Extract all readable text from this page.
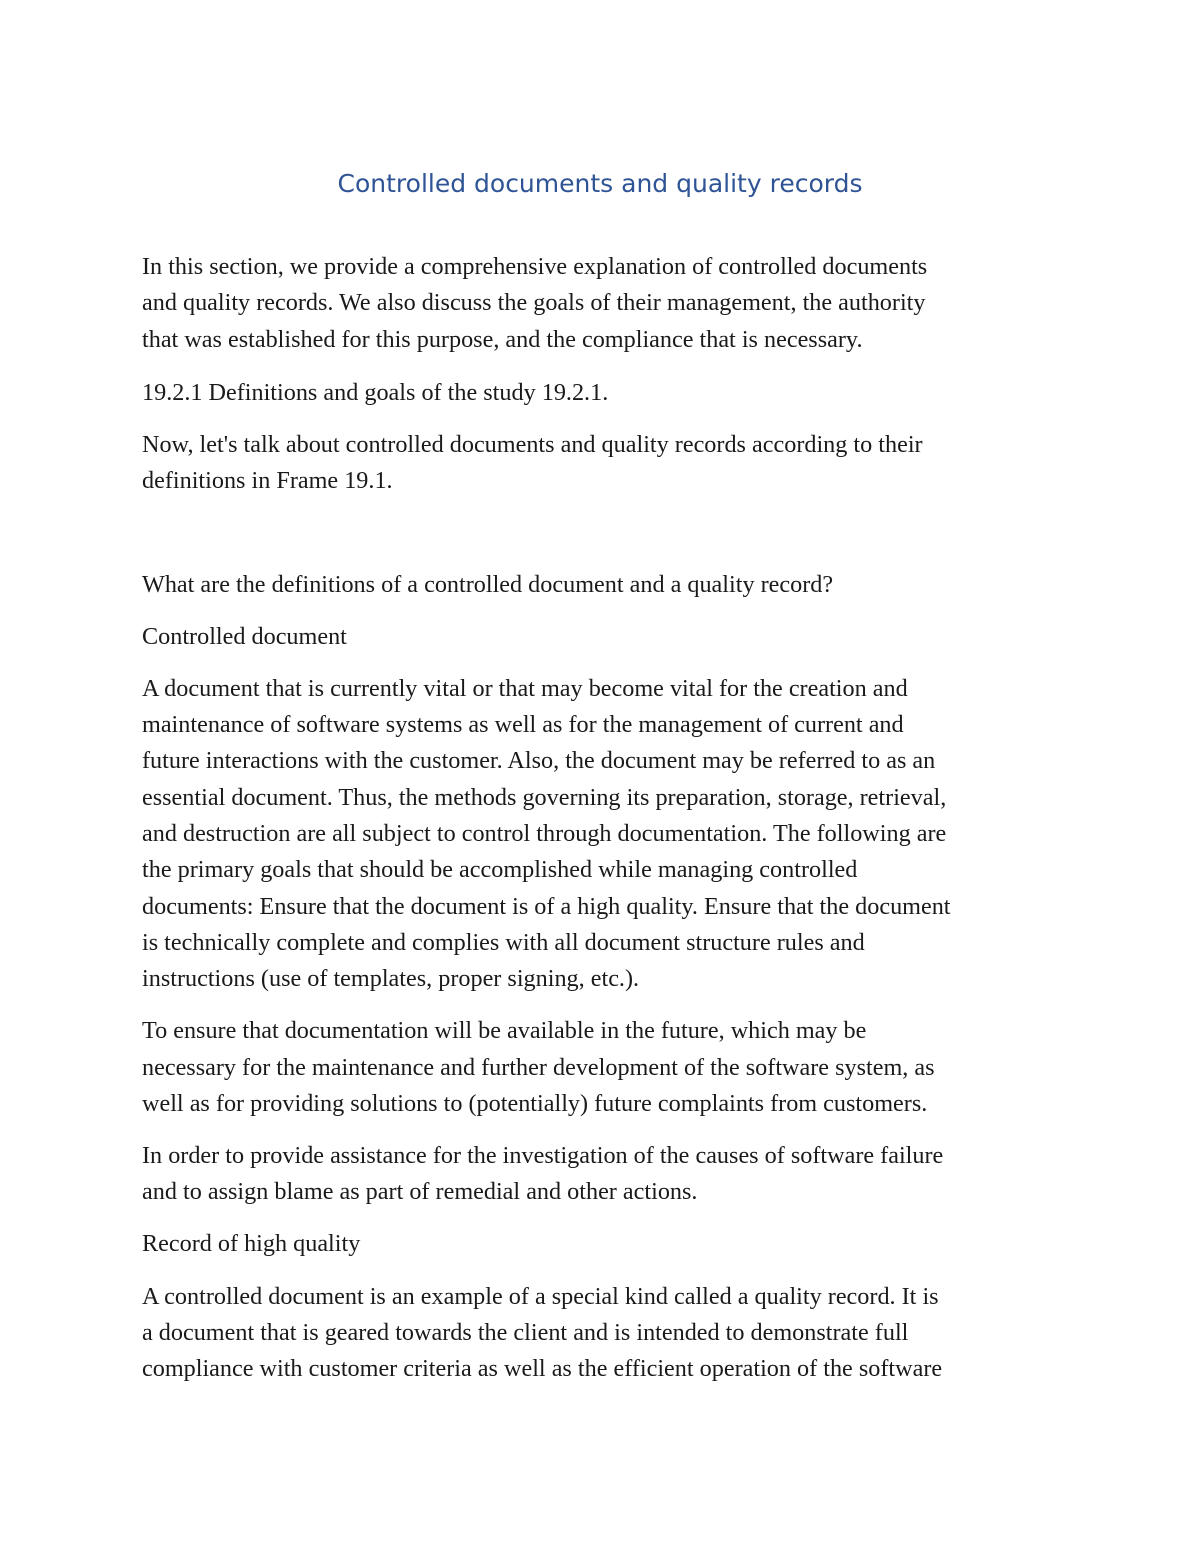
Controlled documents and quality records

In this section, we provide a comprehensive explanation of controlled documents

and quality records. We also discuss the goals of their management, the authority

that was established for this purpose, and the compliance that is necessary.

19.2.1 Definitions and goals of the study 19.2.1.

Now, let's talk about controlled documents and quality records according to their

definitions in Frame 19.1.

What are the definitions of a controlled document and a quality record?

Controlled document

A document that is currently vital or that may become vital for the creation and

maintenance of software systems as well as for the management of current and

future interactions with the customer. Also, the document may be referred to as an

essential document. Thus, the methods governing its preparation, storage, retrieval,

and destruction are all subject to control through documentation. The following are

the primary goals that should be accomplished while managing controlled

documents: Ensure that the document is of a high quality. Ensure that the document

is technically complete and complies with all document structure rules and

instructions (use of templates, proper signing, etc.).

To ensure that documentation will be available in the future, which may be

necessary for the maintenance and further development of the software system, as

well as for providing solutions to (potentially) future complaints from customers.

In order to provide assistance for the investigation of the causes of software failure

and to assign blame as part of remedial and other actions.

Record of high quality

A controlled document is an example of a special kind called a quality record. It is

a document that is geared towards the client and is intended to demonstrate full

compliance with customer criteria as well as the efficient operation of the software
